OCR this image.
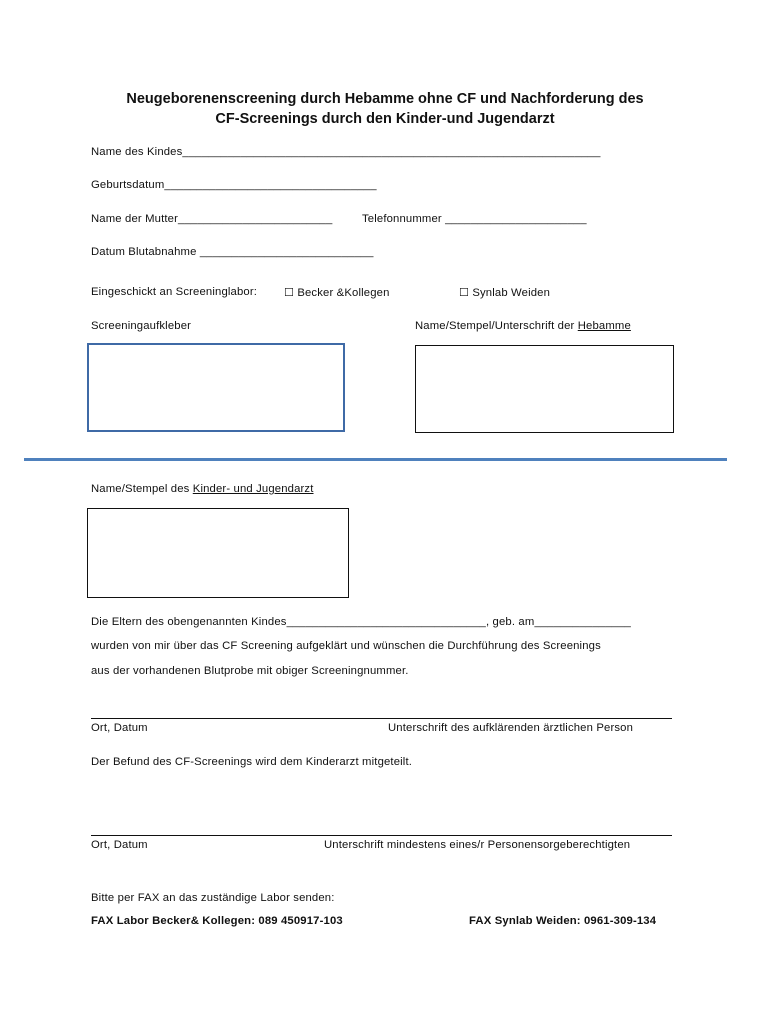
Neugeborenenscreening durch Hebamme ohne CF und Nachforderung des
CF-Screenings durch den Kinder-und Jugendarzt
Name des Kindes_________________________________________________________________
Geburtsdatum_________________________________
Name der Mutter________________________	Telefonnummer ______________________
Datum Blutabnahme ___________________________
Eingeschickt an Screeninglabor: ☐ Becker &Kollegen	☐ Synlab Weiden
Screeningaufkleber	Name/Stempel/Unterschrift der Hebamme
Name/Stempel des Kinder- und Jugendarzt
Die Eltern des obengenannten Kindes_______________________________, geb. am_______________
wurden von mir über das CF Screening aufgeklärt und wünschen die Durchführung des Screenings
aus der vorhandenen Blutprobe mit obiger Screeningnummer.
Ort, Datum	Unterschrift des aufklärenden ärztlichen Person
Der Befund des CF-Screenings wird dem Kinderarzt mitgeteilt.
Ort, Datum	Unterschrift mindestens eines/r Personensorgeberechtigten
Bitte per FAX an das zuständige Labor senden:
FAX Labor Becker& Kollegen: 089 450917-103	FAX Synlab Weiden: 0961-309-134
